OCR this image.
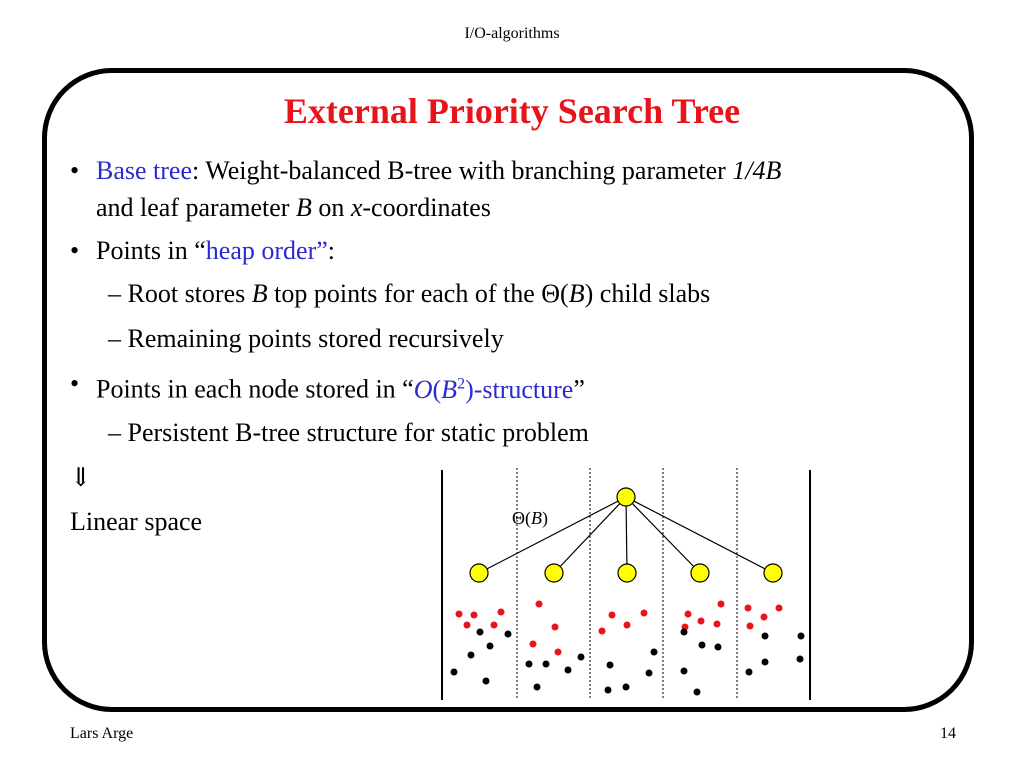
I/O-algorithms
External Priority Search Tree
• Base tree: Weight-balanced B-tree with branching parameter 1/4B
and leaf parameter B on x-coordinates
• Points in “heap order”:
– Root stores B top points for each of the Θ(B) child slabs
– Remaining points stored recursively
• Points in each node stored in “$O(B^2)$-structure”
– Persistent B-tree structure for static problem
⇓
Linear space	Θ(B)
Lars Arge	14
